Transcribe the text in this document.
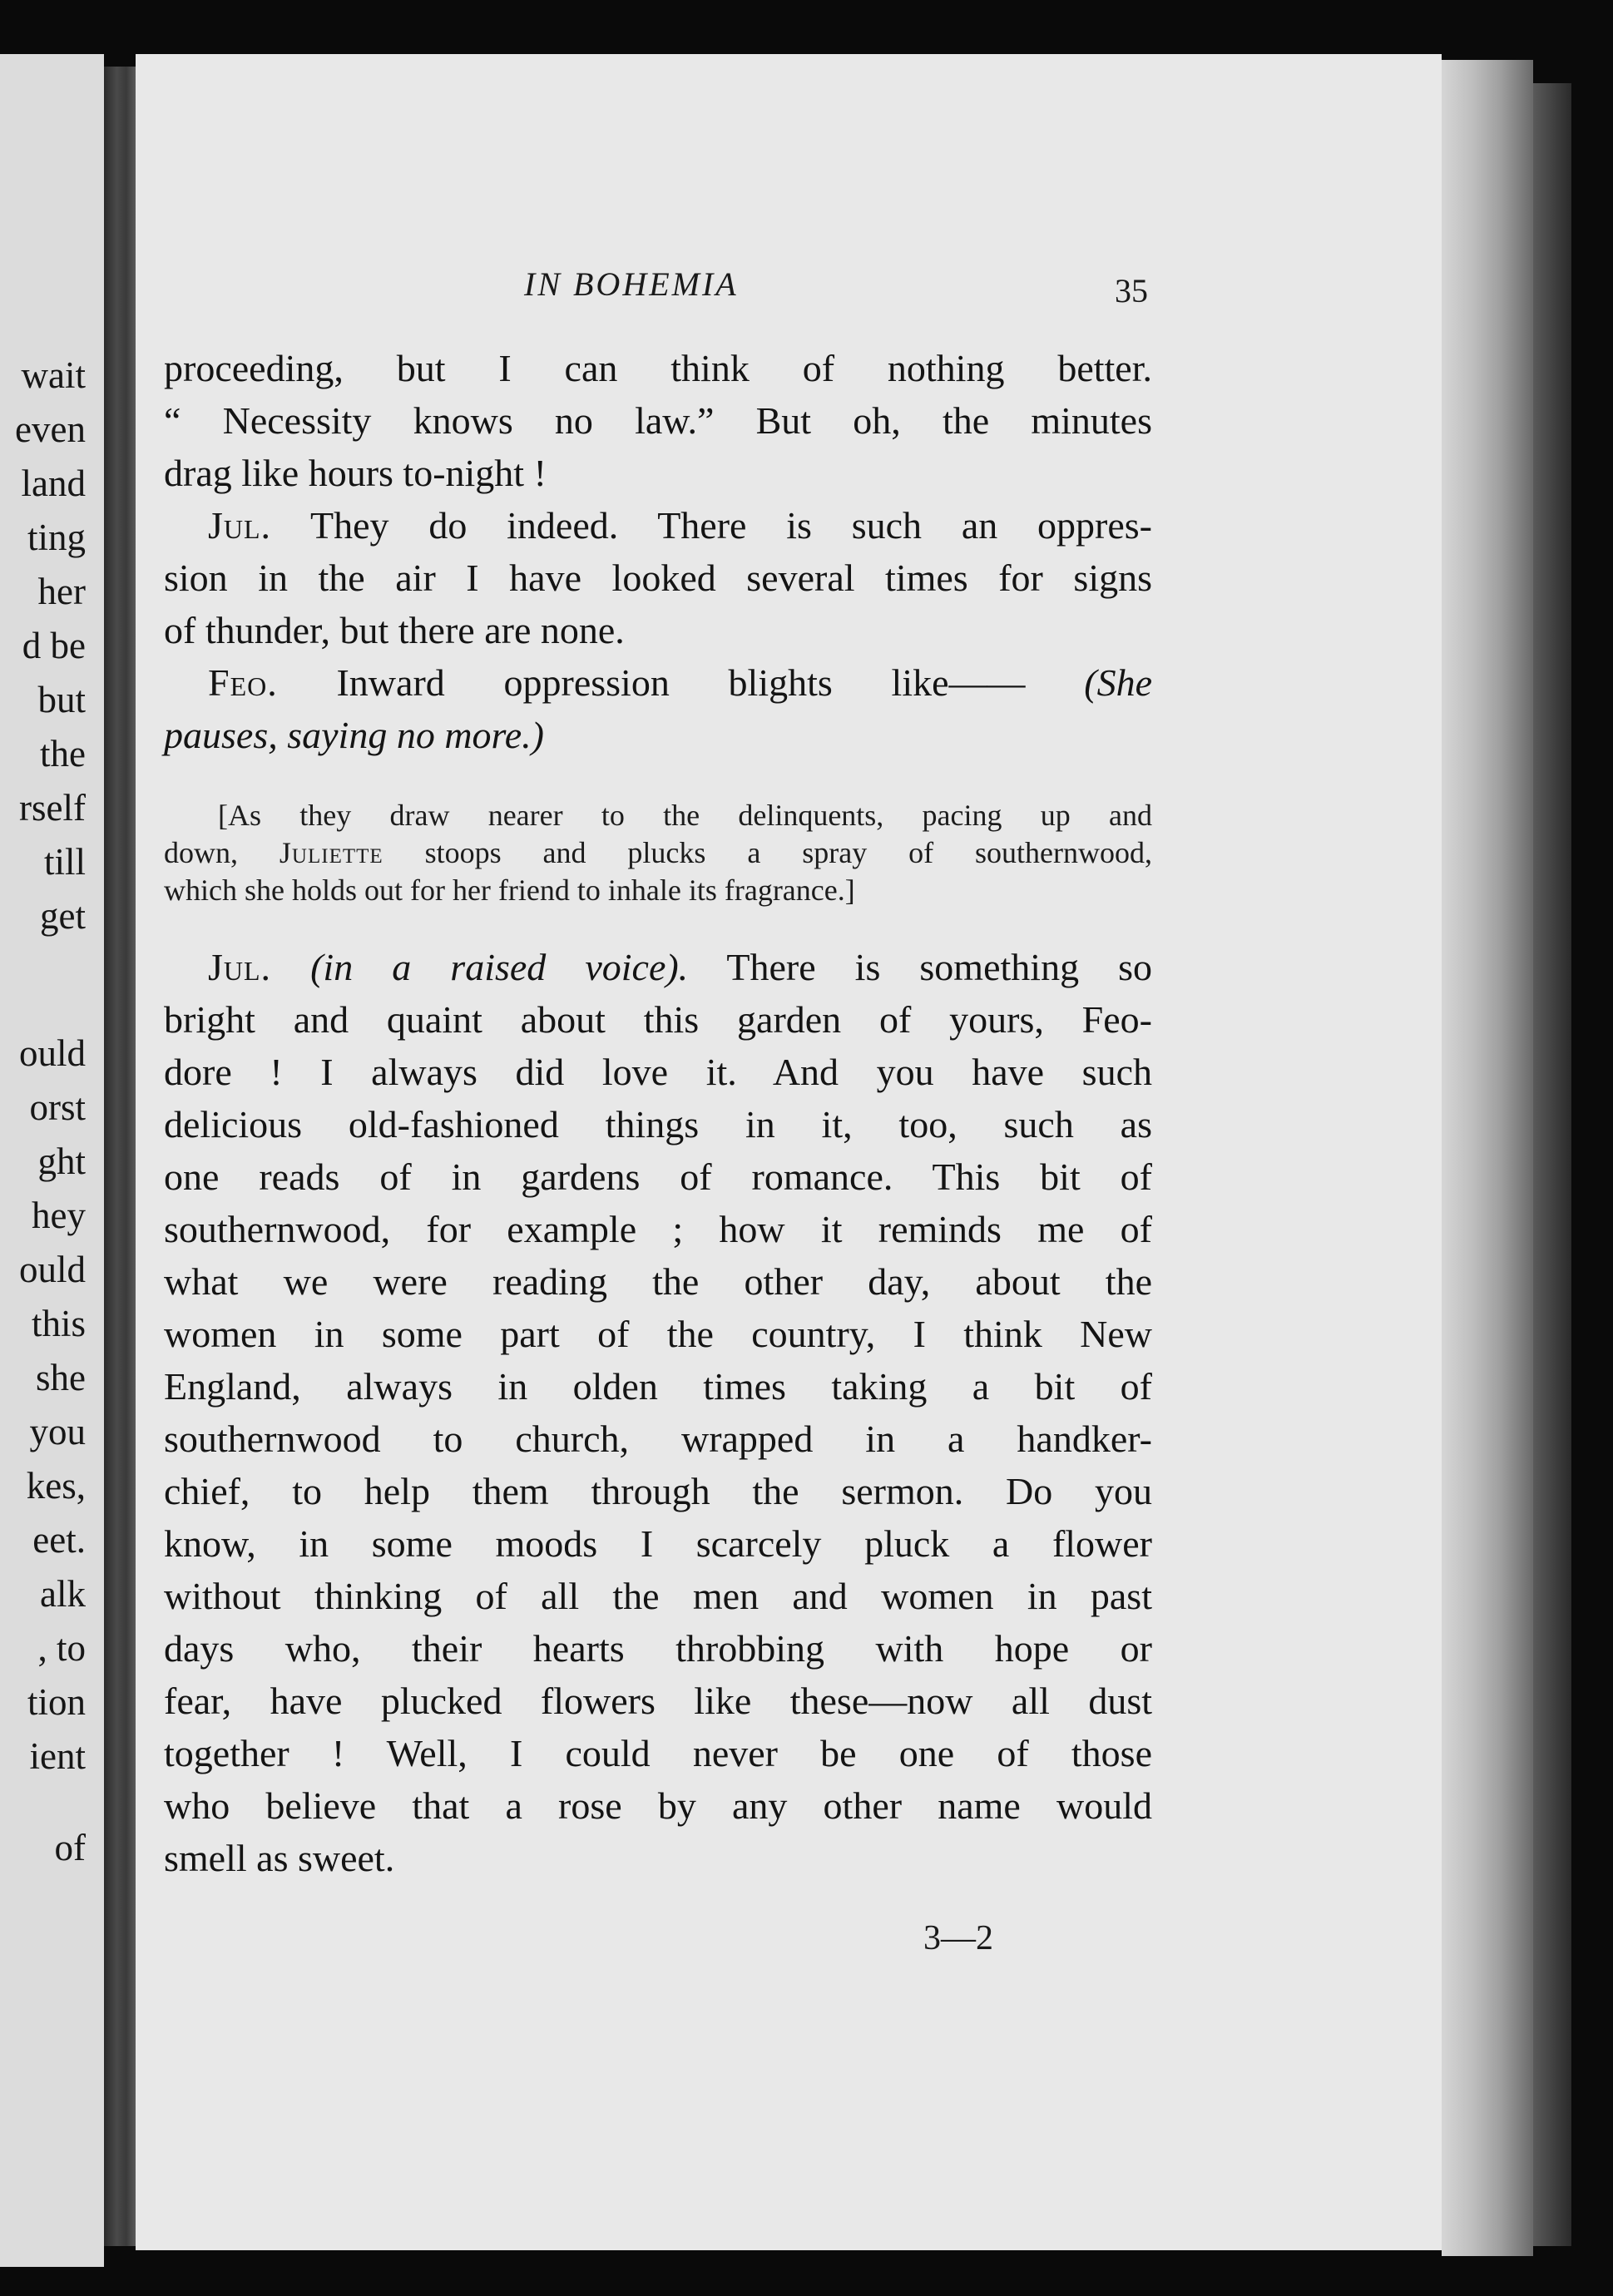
wait
even
land
ting
her
d be
but
the
rself
till
get
ould
orst
ght
hey
ould
this
she
you
kes,
eet.
alk
, to
tion
ient
of
IN BOHEMIA	35
proceeding, but I can think of nothing better.
“ Necessity knows no law.” But oh, the minutes
drag like hours to-night !
Jul. They do indeed. There is such an oppres-
sion in the air I have looked several times for signs
of thunder, but there are none.
Feo. Inward oppression blights like—— (She
pauses, saying no more.)
[As they draw nearer to the delinquents, pacing up and
down, Juliette stoops and plucks a spray of southernwood,
which she holds out for her friend to inhale its fragrance.]
Jul. (in a raised voice). There is something so
bright and quaint about this garden of yours, Feo-
dore ! I always did love it. And you have such
delicious old-fashioned things in it, too, such as
one reads of in gardens of romance. This bit of
southernwood, for example ; how it reminds me of
what we were reading the other day, about the
women in some part of the country, I think New
England, always in olden times taking a bit of
southernwood to church, wrapped in a handker-
chief, to help them through the sermon. Do you
know, in some moods I scarcely pluck a flower
without thinking of all the men and women in past
days who, their hearts throbbing with hope or
fear, have plucked flowers like these—now all dust
together ! Well, I could never be one of those
who believe that a rose by any other name would
smell as sweet.
3—2
